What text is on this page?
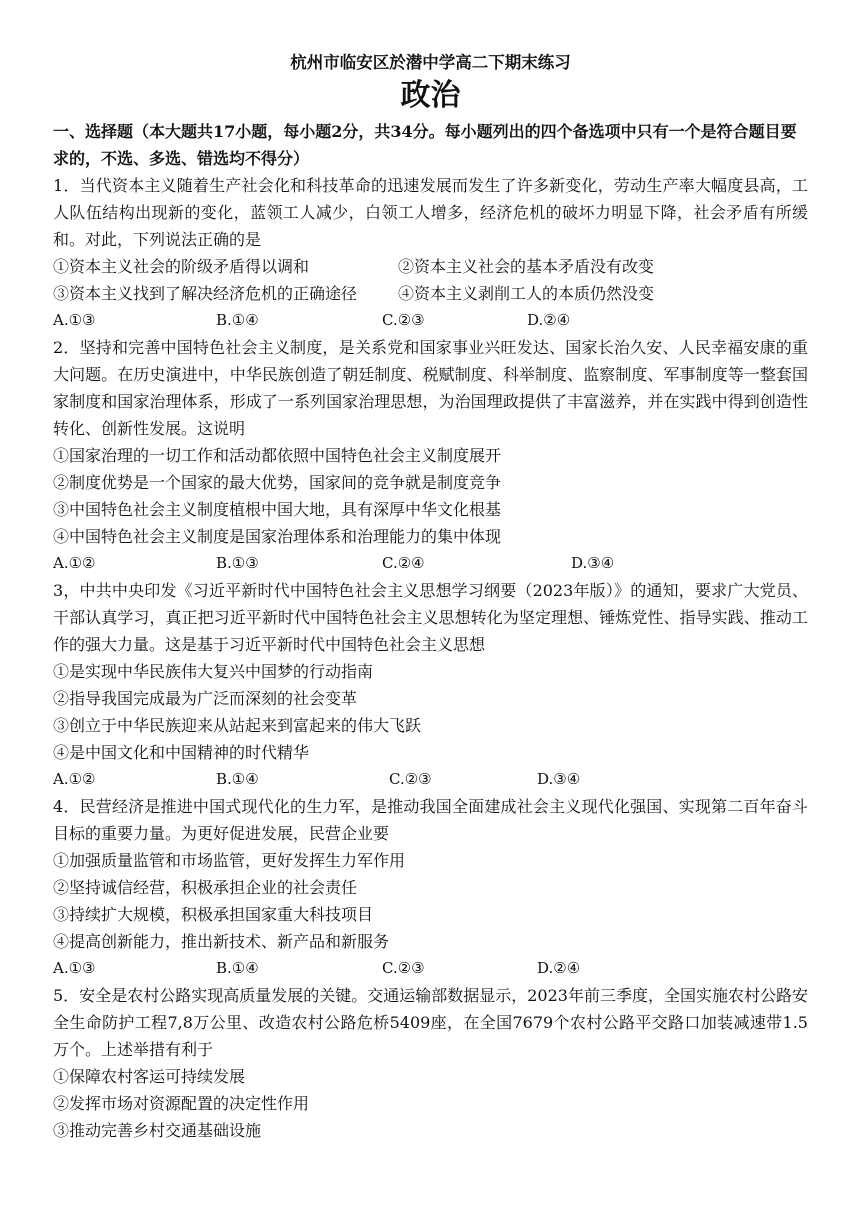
杭州市临安区於潜中学高二下期末练习

政治

一、选择题（本大题共17小题，每小题2分，共34分。每小题列出的四个备选项中只有一个是符合题目要求的，不选、多选、错选均不得分）

1．当代资本主义随着生产社会化和科技革命的迅速发展而发生了许多新变化，劳动生产率大幅度县高，工人队伍结构出现新的变化，蓝领工人减少，白领工人增多，经济危机的破坏力明显下降，社会矛盾有所缓和。对此，下列说法正确的是

①资本主义社会的阶级矛盾得以调和	②资本主义社会的基本矛盾没有改变
③资本主义找到了解决经济危机的正确途径	④资本主义剥削工人的本质仍然没变
A.①③	B.①④	C.②③	D.②④

2．坚持和完善中国特色社会主义制度，是关系党和国家事业兴旺发达、国家长治久安、人民幸福安康的重大问题。在历史演进中，中华民族创造了朝廷制度、税赋制度、科举制度、监察制度、军事制度等一整套国家制度和国家治理体系，形成了一系列国家治理思想，为治国理政提供了丰富滋养，并在实践中得到创造性转化、创新性发展。这说明

①国家治理的一切工作和活动都依照中国特色社会主义制度展开

②制度优势是一个国家的最大优势，国家间的竞争就是制度竞争

③中国特色社会主义制度植根中国大地，具有深厚中华文化根基

④中国特色社会主义制度是国家治理体系和治理能力的集中体现

A.①②	B.①③	C.②④	D.③④

3，中共中央印发《习近平新时代中国特色社会主义思想学习纲要（2023年版）》的通知，要求广大党员、干部认真学习，真正把习近平新时代中国特色社会主义思想转化为坚定理想、锤炼党性、指导实践、推动工作的强大力量。这是基于习近平新时代中国特色社会主义思想

①是实现中华民族伟大复兴中国梦的行动指南

②指导我国完成最为广泛而深刻的社会变革

③创立于中华民族迎来从站起来到富起来的伟大飞跃

④是中国文化和中国精神的时代精华

A.①②	B.①④	C.②③	D.③④

4．民营经济是推进中国式现代化的生力军，是推动我国全面建成社会主义现代化强国、实现第二百年奋斗目标的重要力量。为更好促进发展，民营企业要

①加强质量监管和市场监管，更好发挥生力军作用

②坚持诚信经营，积极承担企业的社会责任

③持续扩大规模，积极承担国家重大科技项目

④提高创新能力，推出新技术、新产品和新服务

A.①③	B.①④	C.②③	D.②④

5．安全是农村公路实现高质量发展的关键。交通运输部数据显示，2023年前三季度，全国实施农村公路安全生命防护工程7,8万公里、改造农村公路危桥5409座，在全国7679个农村公路平交路口加装减速带1.5万个。上述举措有利于

①保障农村客运可持续发展

②发挥市场对资源配置的决定性作用

③推动完善乡村交通基础设施
